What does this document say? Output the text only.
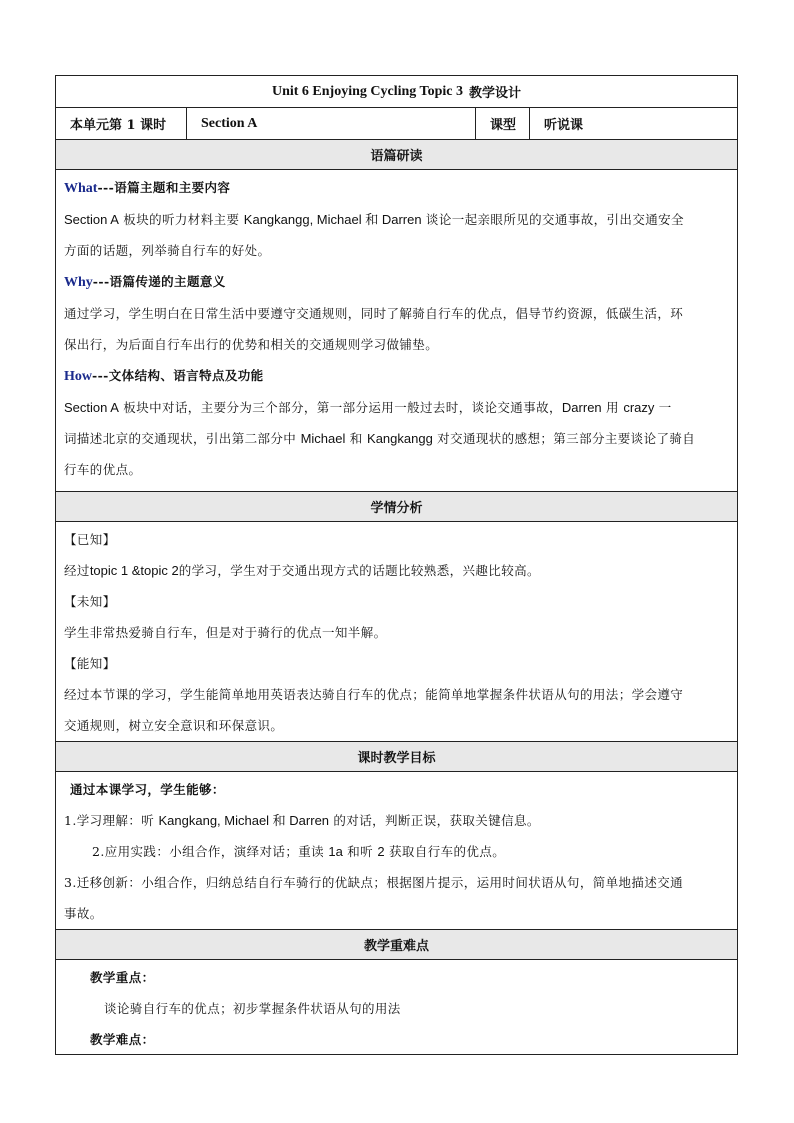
Unit 6 Enjoying Cycling Topic 3 教学设计
本单元第 1 课时	Section A	课型	听说课
语篇研读
What---语篇主题和主要内容
Section A 板块的听力材料主要 Kangkangg, Michael 和 Darren 谈论一起亲眼所见的交通事故，引出交通安全
方面的话题，列举骑自行车的好处。
Why---语篇传递的主题意义
通过学习，学生明白在日常生活中要遵守交通规则，同时了解骑自行车的优点，倡导节约资源，低碳生活，环
保出行，为后面自行车出行的优势和相关的交通规则学习做铺垫。
How---文体结构、语言特点及功能
Section A 板块中对话，主要分为三个部分，第一部分运用一般过去时，谈论交通事故，Darren 用 crazy 一
词描述北京的交通现状，引出第二部分中 Michael 和 Kangkangg 对交通现状的感想；第三部分主要谈论了骑自
行车的优点。
学情分析
【已知】
经过topic 1 &topic 2的学习，学生对于交通出现方式的话题比较熟悉，兴趣比较高。
【未知】
学生非常热爱骑自行车，但是对于骑行的优点一知半解。
【能知】
经过本节课的学习，学生能简单地用英语表达骑自行车的优点；能简单地掌握条件状语从句的用法；学会遵守
交通规则，树立安全意识和环保意识。
课时教学目标
通过本课学习，学生能够：
1.学习理解：听 Kangkang, Michael 和 Darren 的对话，判断正误，获取关键信息。
2.应用实践：小组合作，演绎对话；重读 1a 和听 2 获取自行车的优点。
3.迁移创新：小组合作，归纳总结自行车骑行的优缺点；根据图片提示，运用时间状语从句，简单地描述交通
事故。
教学重难点
教学重点：
谈论骑自行车的优点；初步掌握条件状语从句的用法
教学难点：
